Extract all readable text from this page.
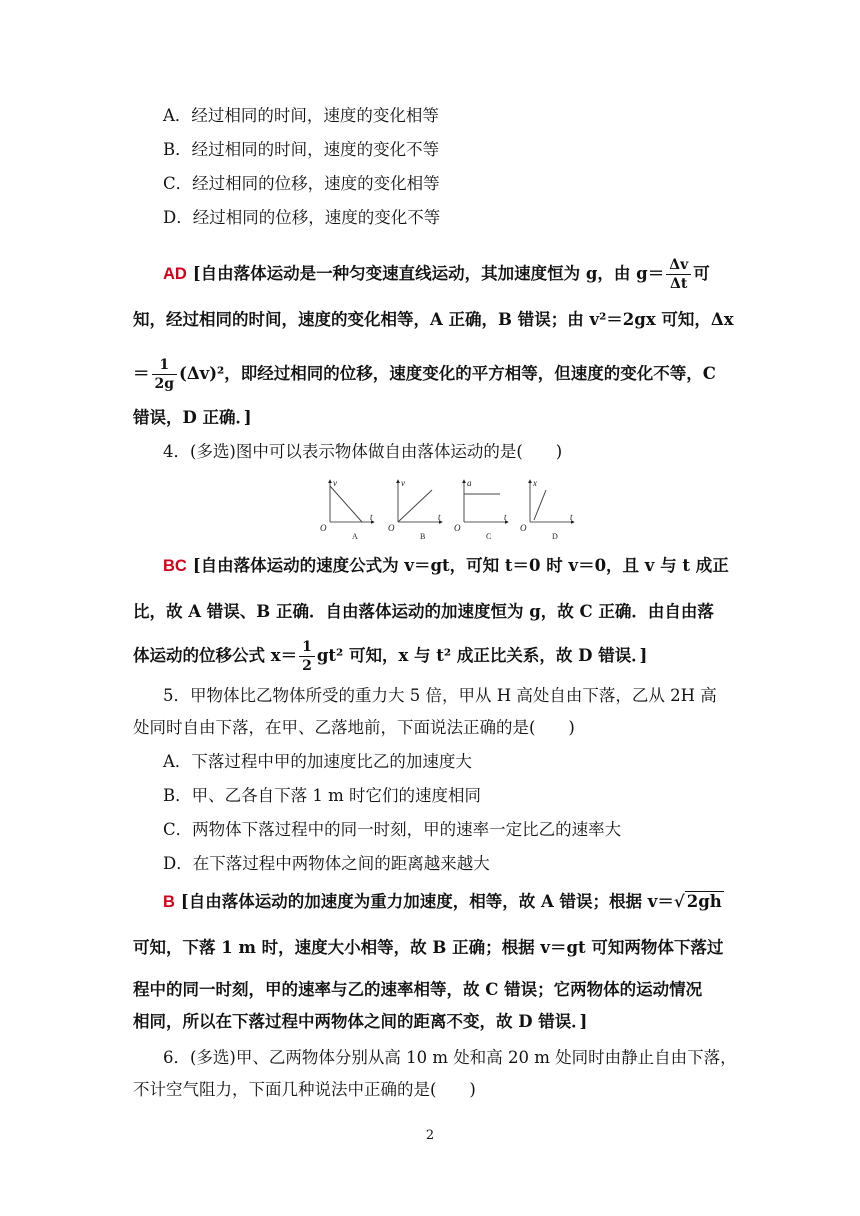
A．经过相同的时间，速度的变化相等
B．经过相同的时间，速度的变化不等
C．经过相同的位移，速度的变化相等
D．经过相同的位移，速度的变化不等
AD [自由落体运动是一种匀变速直线运动，其加速度恒为 g，由 $g= \frac{\Delta v}{\Delta t}$ 可
知，经过相同的时间，速度的变化相等，A 正确，B 错误；由 v²＝2gx 可知，Δx
＝ $\frac{1}{2g} (\Delta v)^2$，即经过相同的位移，速度变化的平方相等，但速度的变化不等，C
错误，D 正确．]
4．(多选)图中可以表示物体做自由落体运动的是(　　)
v
O
t
A
v
O
t
B
a
O
t
C
x
O
t
D
BC [自由落体运动的速度公式为 v＝gt，可知 t＝0 时 v＝0，且 v 与 t 成正
比，故 A 错误、B 正确．自由落体运动的加速度恒为 g，故 C 正确．由自由落
体运动的位移公式 $x= \frac{1}{2} gt^2$ 可知，x 与 t² 成正比关系，故 D 错误．]
5．甲物体比乙物体所受的重力大 5 倍，甲从 H 高处自由下落，乙从 2H 高
处同时自由下落，在甲、乙落地前，下面说法正确的是(　　)
A．下落过程中甲的加速度比乙的加速度大
B．甲、乙各自下落 1 m 时它们的速度相同
C．两物体下落过程中的同一时刻，甲的速率一定比乙的速率大
D．在下落过程中两物体之间的距离越来越大
B [自由落体运动的加速度为重力加速度，相等，故 A 错误；根据 v＝√ 2gh
可知，下落 1 m 时，速度大小相等，故 B 正确；根据 v＝gt 可知两物体下落过
程中的同一时刻，甲的速率与乙的速率相等，故 C 错误；它两物体的运动情况
相同，所以在下落过程中两物体之间的距离不变，故 D 错误．]
6．(多选)甲、乙两物体分别从高 10 m 处和高 20 m 处同时由静止自由下落，
不计空气阻力，下面几种说法中正确的是(　　)
2
